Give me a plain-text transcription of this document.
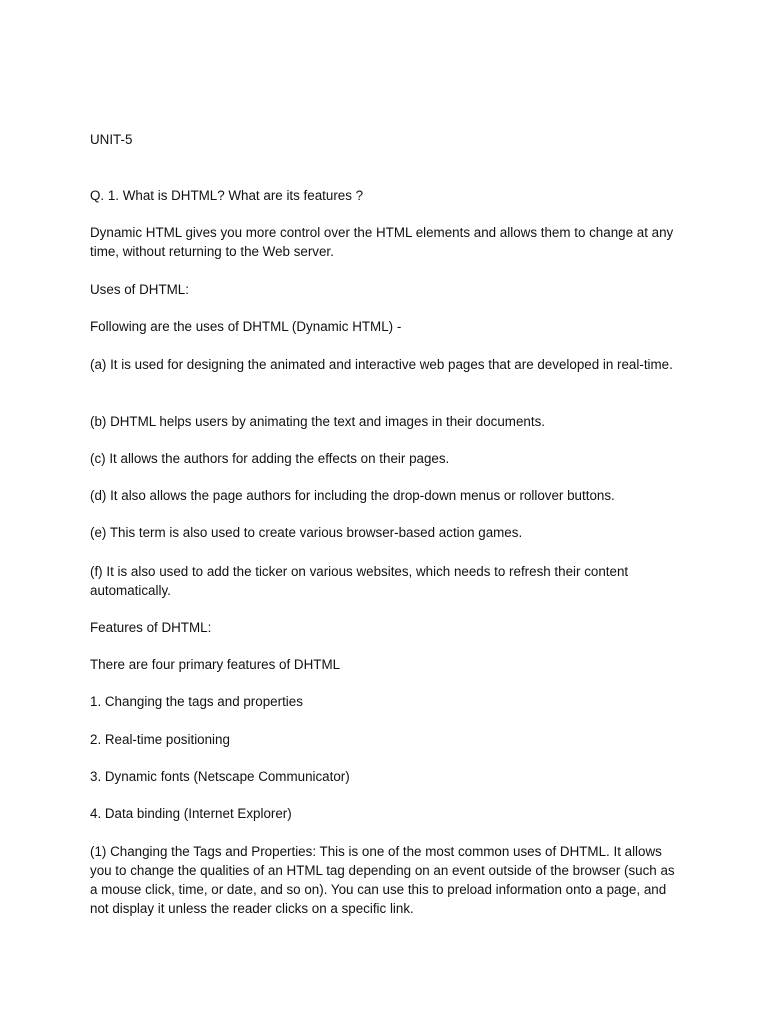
UNIT-5

Q. 1. What is DHTML? What are its features ?

Dynamic HTML gives you more control over the HTML elements and allows them to change at any time, without returning to the Web server.

Uses of DHTML:

Following are the uses of DHTML (Dynamic HTML) -

(a) It is used for designing the animated and interactive web pages that are developed in real-time.

(b) DHTML helps users by animating the text and images in their documents.

(c) It allows the authors for adding the effects on their pages.

(d) It also allows the page authors for including the drop-down menus or rollover buttons.

(e) This term is also used to create various browser-based action games.

(f) It is also used to add the ticker on various websites, which needs to refresh their content automatically.

Features of DHTML:

There are four primary features of DHTML

1. Changing the tags and properties

2. Real-time positioning

3. Dynamic fonts (Netscape Communicator)

4. Data binding (Internet Explorer)

(1) Changing the Tags and Properties: This is one of the most common uses of DHTML. It allows you to change the qualities of an HTML tag depending on an event outside of the browser (such as a mouse click, time, or date, and so on). You can use this to preload information onto a page, and not display it unless the reader clicks on a specific link.
